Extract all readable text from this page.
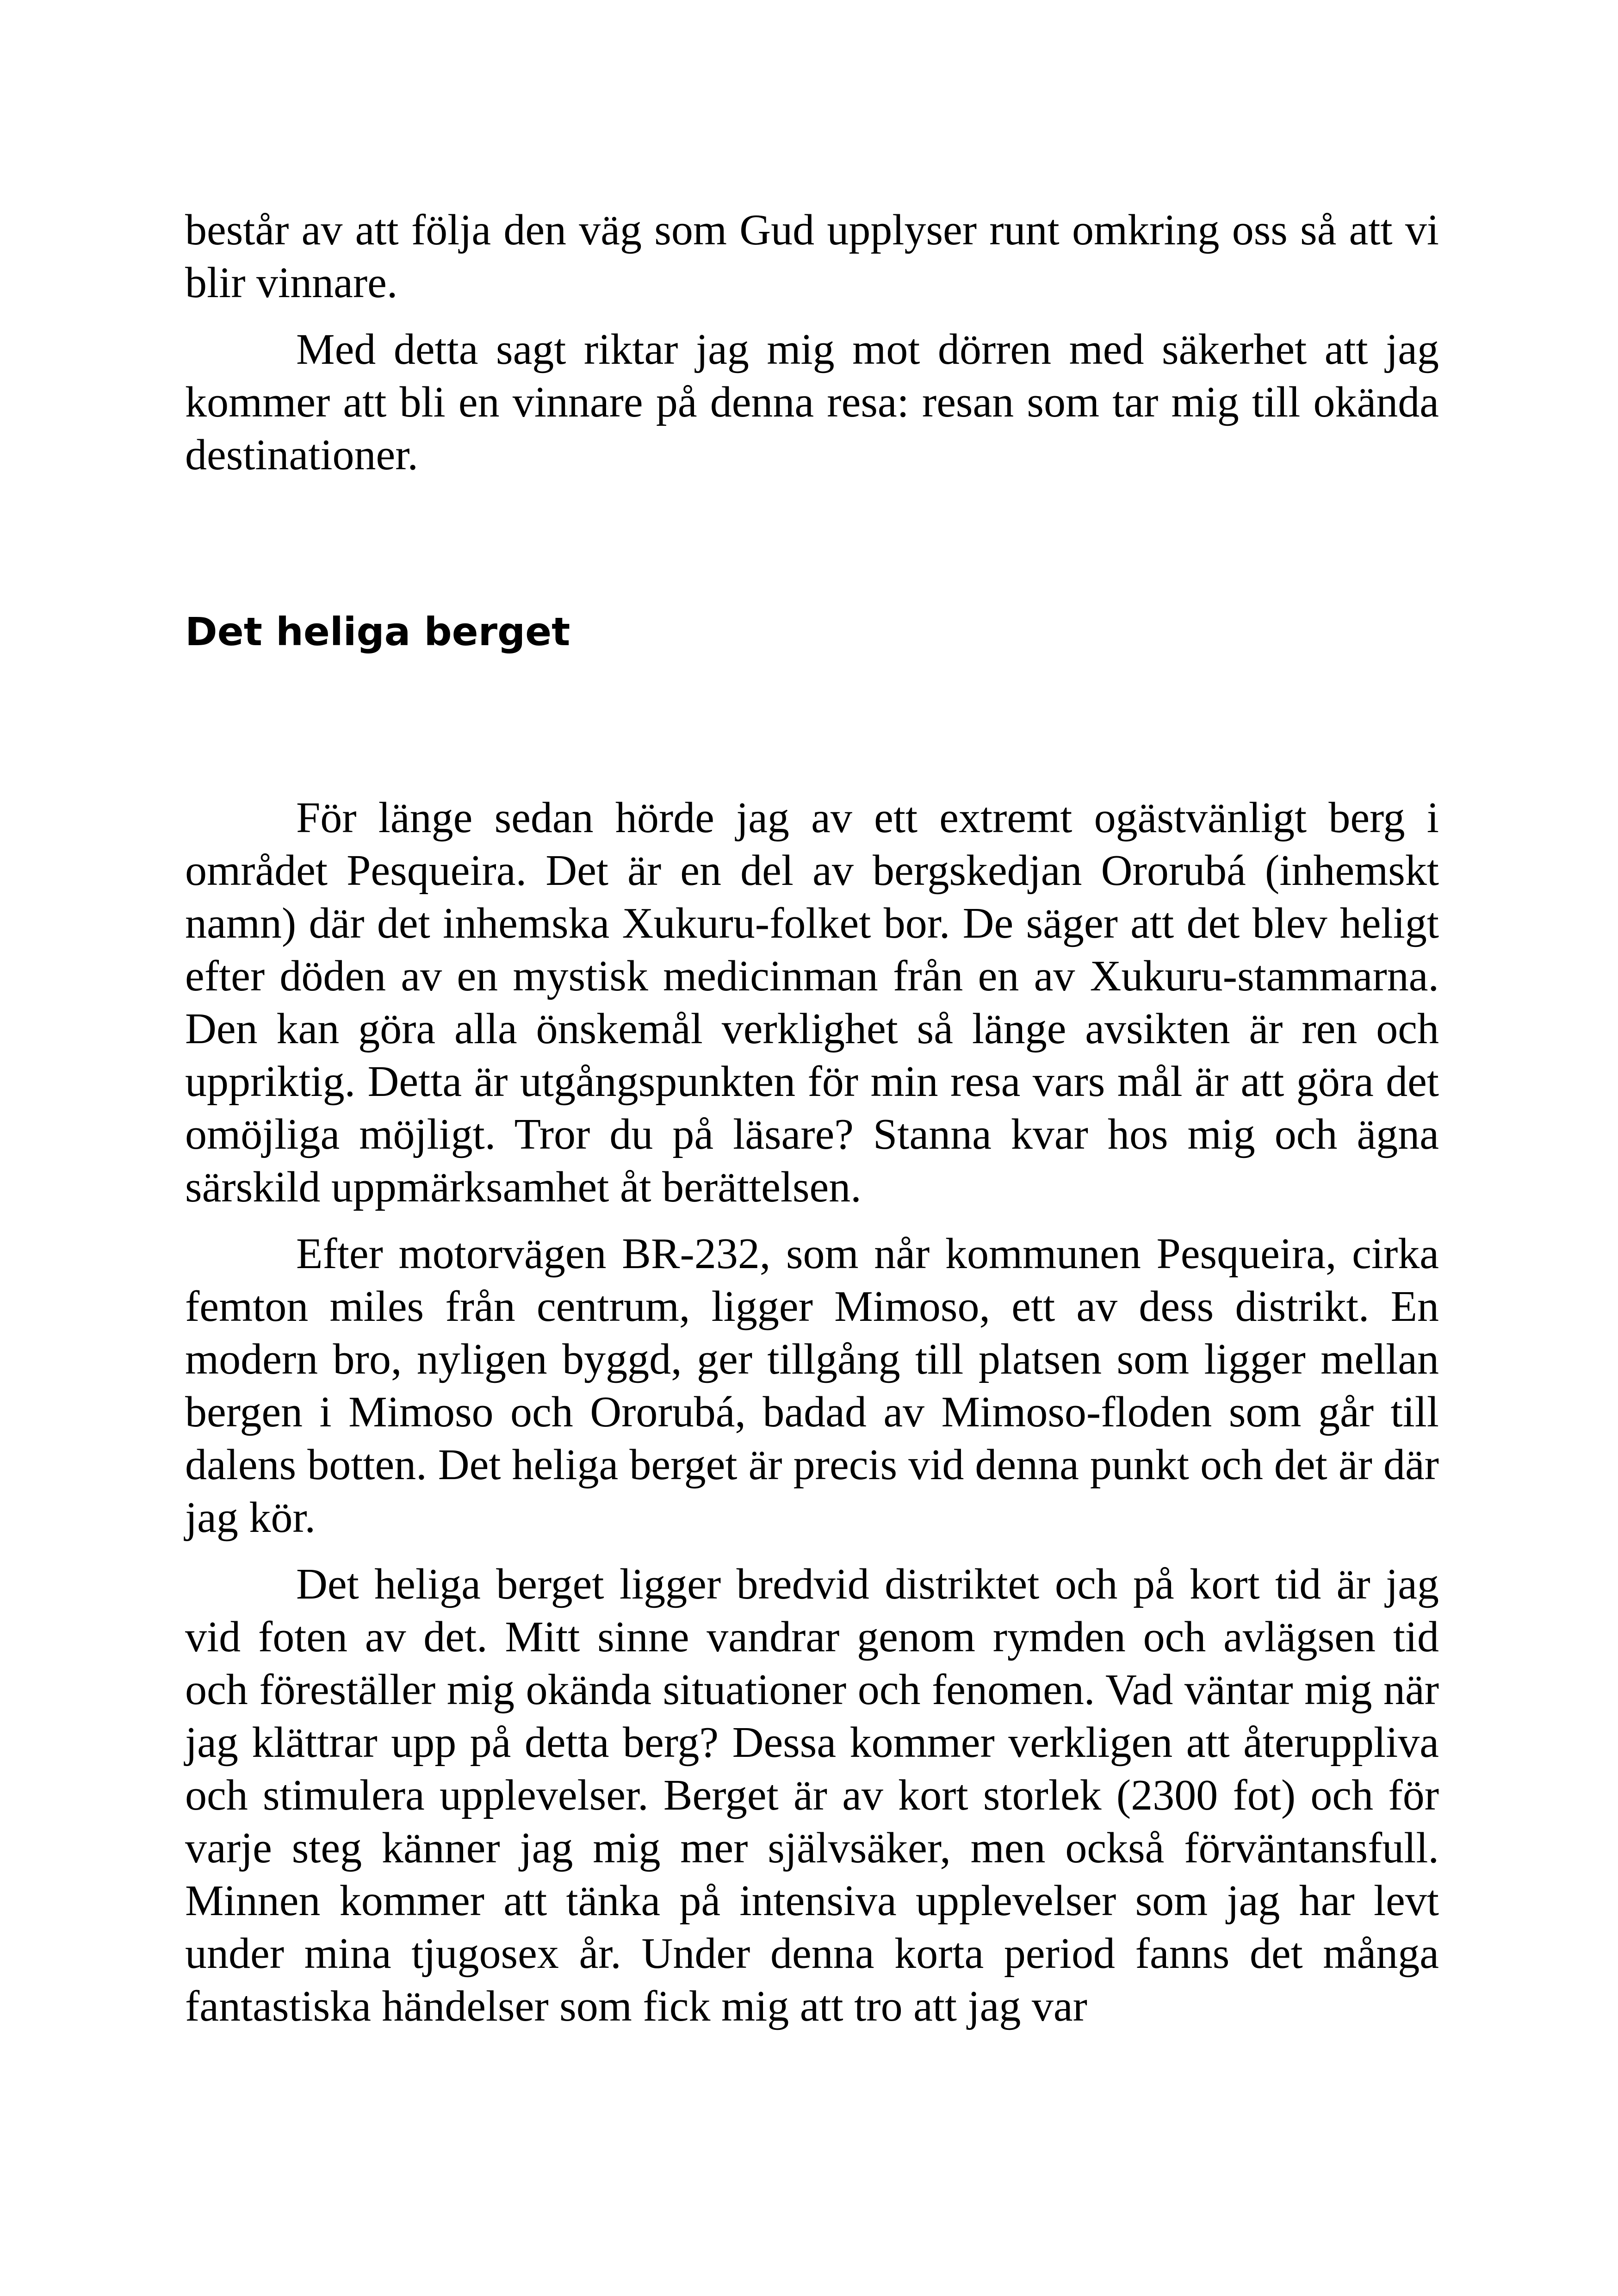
består av att följa den väg som Gud upplyser runt omkring oss så att vi blir vinnare.

Med detta sagt riktar jag mig mot dörren med säkerhet att jag kommer att bli en vinnare på denna resa: resan som tar mig till okända destinationer.

Det heliga berget

För länge sedan hörde jag av ett extremt ogästvänligt berg i området Pesqueira. Det är en del av bergskedjan Ororubá (inhemskt namn) där det inhemska Xukuru-folket bor. De säger att det blev heligt efter döden av en mystisk medicinman från en av Xukuru-stammarna. Den kan göra alla önskemål verklighet så länge avsikten är ren och uppriktig. Detta är utgångspunkten för min resa vars mål är att göra det omöjliga möjligt. Tror du på läsare? Stanna kvar hos mig och ägna särskild uppmärksamhet åt berättelsen.

Efter motorvägen BR-232, som når kommunen Pesqueira, cirka femton miles från centrum, ligger Mimoso, ett av dess distrikt. En modern bro, nyligen byggd, ger tillgång till platsen som ligger mellan bergen i Mimoso och Ororubá, badad av Mimoso-floden som går till dalens botten. Det heliga berget är precis vid denna punkt och det är där jag kör.

Det heliga berget ligger bredvid distriktet och på kort tid är jag vid foten av det. Mitt sinne vandrar genom rymden och avlägsen tid och föreställer mig okända situationer och fenomen. Vad väntar mig när jag klättrar upp på detta berg? Dessa kommer verkligen att återuppliva och stimulera upplevelser. Berget är av kort storlek (2300 fot) och för varje steg känner jag mig mer självsäker, men också förväntansfull. Minnen kommer att tänka på intensiva upplevelser som jag har levt under mina tjugosex år. Under denna korta period fanns det många fantastiska händelser som fick mig att tro att jag var
